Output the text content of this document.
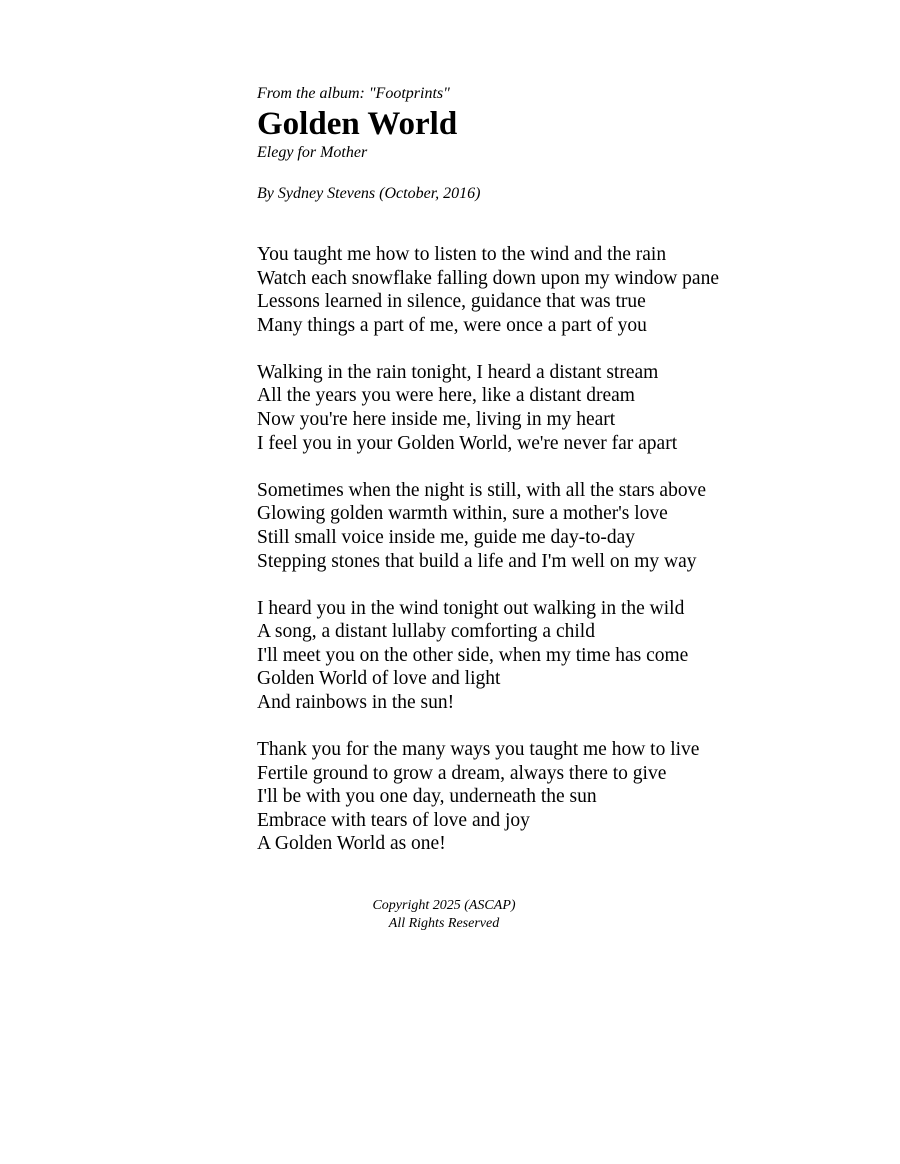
From the album: "Footprints"

Golden World

Elegy for Mother

By Sydney Stevens (October, 2016)

You taught me how to listen to the wind and the rain
Watch each snowflake falling down upon my window pane
Lessons learned in silence, guidance that was true
Many things a part of me, were once a part of you
Walking in the rain tonight, I heard a distant stream
All the years you were here, like a distant dream
Now you're here inside me, living in my heart
I feel you in your Golden World, we're never far apart
Sometimes when the night is still, with all the stars above
Glowing golden warmth within, sure a mother's love
Still small voice inside me, guide me day-to-day
Stepping stones that build a life and I'm well on my way
I heard you in the wind tonight out walking in the wild
A song, a distant lullaby comforting a child
I'll meet you on the other side, when my time has come
Golden World of love and light
And rainbows in the sun!
Thank you for the many ways you taught me how to live
Fertile ground to grow a dream, always there to give
I'll be with you one day, underneath the sun
Embrace with tears of love and joy
A Golden World as one!
Copyright 2025 (ASCAP)
All Rights Reserved
